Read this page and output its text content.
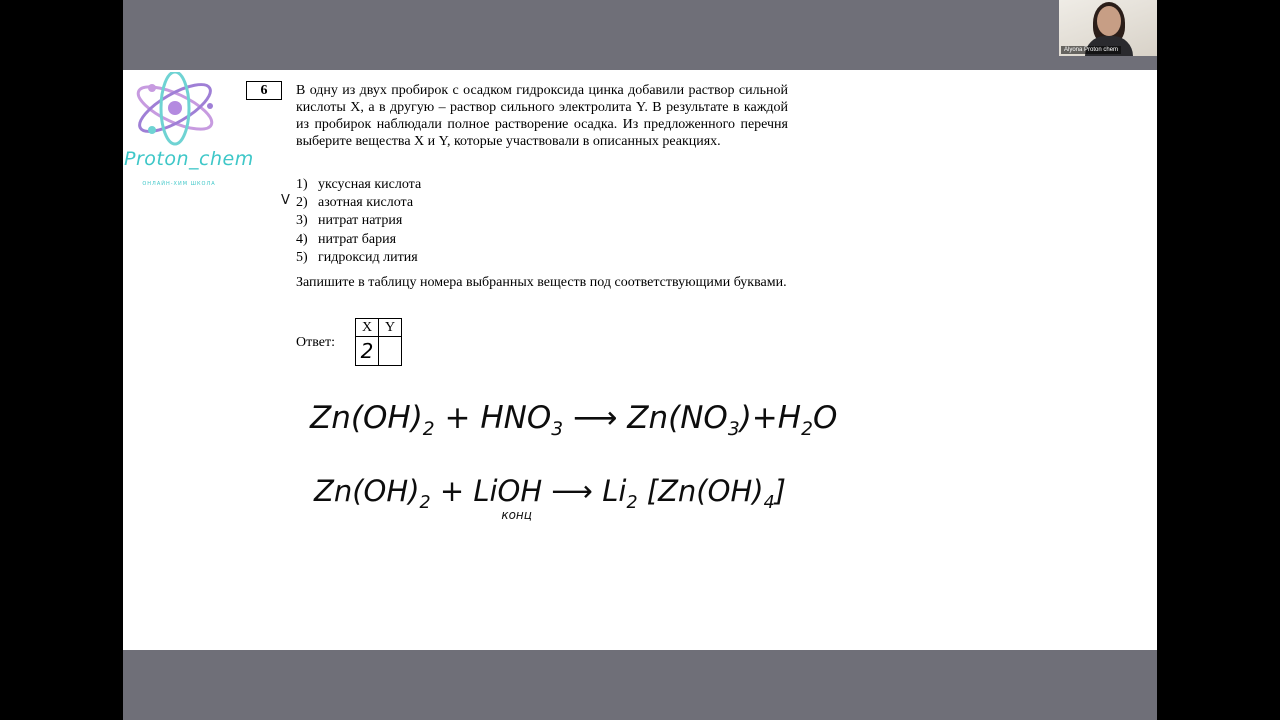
Alyona Proton chem
Proton_chem
ОНЛАЙН-ХИМ ШКОЛА
6	В одну из двух пробирок с осадком гидроксида цинка добавили раствор сильной кислоты X, а в другую – раствор сильного электролита Y. В результате в каждой из пробирок наблюдали полное растворение осадка. Из предложенного перечня выберите вещества X и Y, которые участвовали в описанных реакциях.

V
1) уксусная кислота
2) азотная кислота
3) нитрат натрия
4) нитрат бария
5) гидроксид лития

Запишите в таблицу номера выбранных веществ под соответствующими буквами.

Ответ:
X	Y
2	
$Zn(OH)_2 + HNO_3$ ⟶ $Zn(NO_3)+H_2O$
$Zn(OH)_2$ + LiOH
конц
⟶ $Li_2$ $[Zn(OH)_4]$
